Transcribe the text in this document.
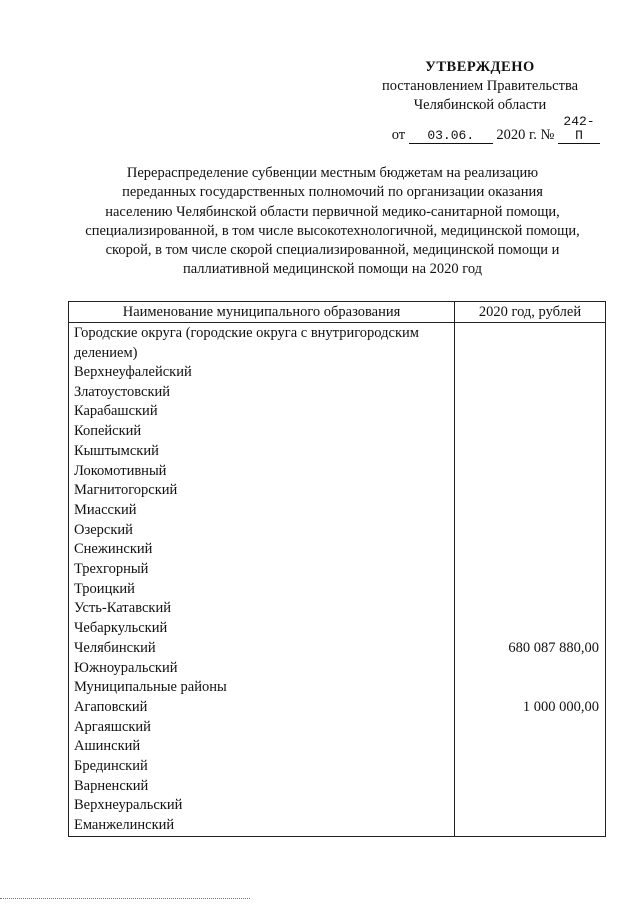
УТВЕРЖДЕНО
постановлением Правительства
Челябинской области
от 03.06. 2020 г. № 242-П
Перераспределение субвенции местным бюджетам на реализацию
переданных государственных полномочий по организации оказания
населению Челябинской области первичной медико-санитарной помощи,
специализированной, в том числе высокотехнологичной, медицинской помощи,
скорой, в том числе скорой специализированной, медицинской помощи и
паллиативной медицинской помощи на 2020 год
Наименование муниципального образования	2020 год, рублей
Городские округа (городские округа с внутригородским делением)	
Верхнеуфалейский	
Златоустовский	
Карабашский	
Копейский	
Кыштымский	
Локомотивный	
Магнитогорский	
Миасский	
Озерский	
Снежинский	
Трехгорный	
Троицкий	
Усть-Катавский	
Чебаркульский	
Челябинский	680 087 880,00
Южноуральский	
Муниципальные районы	
Агаповский	1 000 000,00
Аргаяшский	
Ашинский	
Брединский	
Варненский	
Верхнеуральский	
Еманжелинский	
